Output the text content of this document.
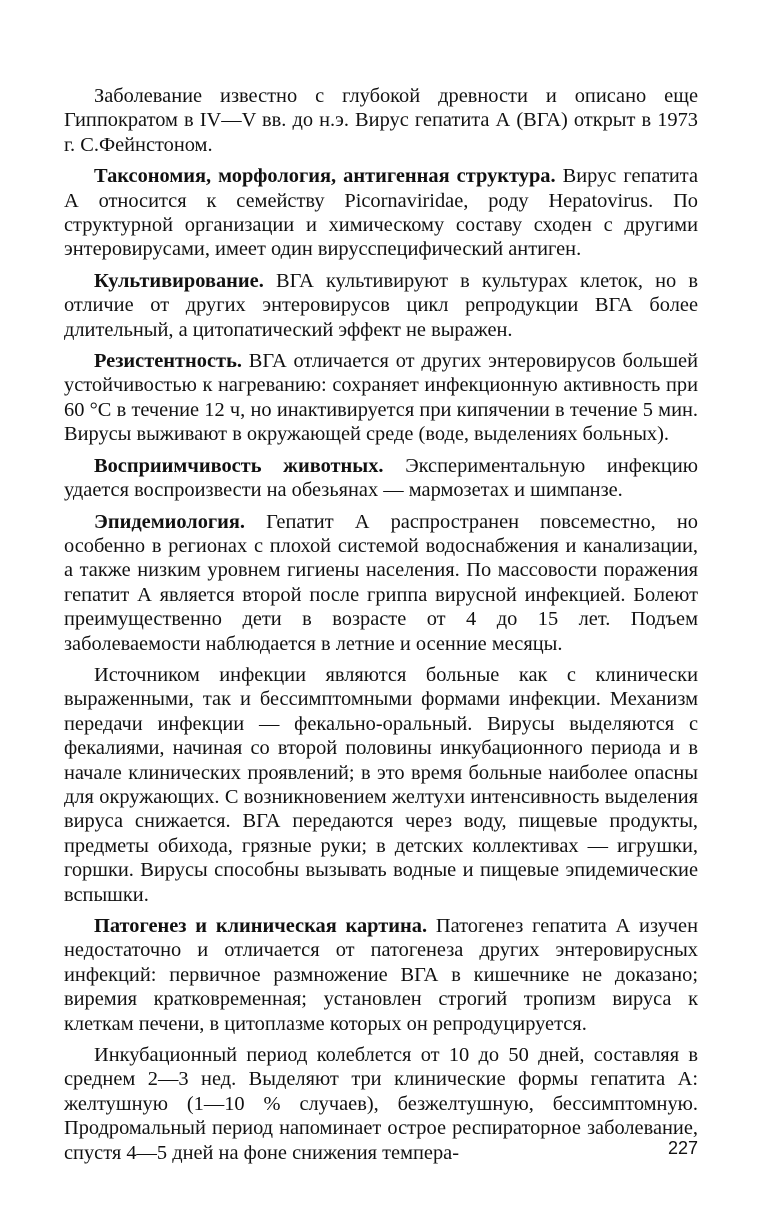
Заболевание известно с глубокой древности и описано еще Гиппократом в IV—V вв. до н.э. Вирус гепатита А (ВГА) открыт в 1973 г. С.Фейнстоном.

Таксономия, морфология, антигенная структура. Вирус гепатита А относится к семейству Picornaviridae, роду Hepatovirus. По структурной организации и химическому составу сходен с другими энтеровирусами, имеет один вирусспецифический антиген.

Культивирование. ВГА культивируют в культурах клеток, но в отличие от других энтеровирусов цикл репродукции ВГА более длительный, а цитопатический эффект не выражен.

Резистентность. ВГА отличается от других энтеровирусов большей устойчивостью к нагреванию: сохраняет инфекционную активность при 60 °С в течение 12 ч, но инактивируется при кипячении в течение 5 мин. Вирусы выживают в окружающей среде (воде, выделениях больных).

Восприимчивость животных. Экспериментальную инфекцию удается воспроизвести на обезьянах — мармозетах и шимпанзе.

Эпидемиология. Гепатит А распространен повсеместно, но особенно в регионах с плохой системой водоснабжения и канализации, а также низким уровнем гигиены населения. По массовости поражения гепатит А является второй после гриппа вирусной инфекцией. Болеют преимущественно дети в возрасте от 4 до 15 лет. Подъем заболеваемости наблюдается в летние и осенние месяцы.

Источником инфекции являются больные как с клинически выраженными, так и бессимптомными формами инфекции. Механизм передачи инфекции — фекально-оральный. Вирусы выделяются с фекалиями, начиная со второй половины инкубационного периода и в начале клинических проявлений; в это время больные наиболее опасны для окружающих. С возникновением желтухи интенсивность выделения вируса снижается. ВГА передаются через воду, пищевые продукты, предметы обихода, грязные руки; в детских коллективах — игрушки, горшки. Вирусы способны вызывать водные и пищевые эпидемические вспышки.

Патогенез и клиническая картина. Патогенез гепатита А изучен недостаточно и отличается от патогенеза других энтеровирусных инфекций: первичное размножение ВГА в кишечнике не доказано; виремия кратковременная; установлен строгий тропизм вируса к клеткам печени, в цитоплазме которых он репродуцируется.

Инкубационный период колеблется от 10 до 50 дней, составляя в среднем 2—3 нед. Выделяют три клинические формы гепатита А: желтушную (1—10 % случаев), безжелтушную, бессимптомную. Продромальный период напоминает острое респираторное заболевание, спустя 4—5 дней на фоне снижения темпера-	227
